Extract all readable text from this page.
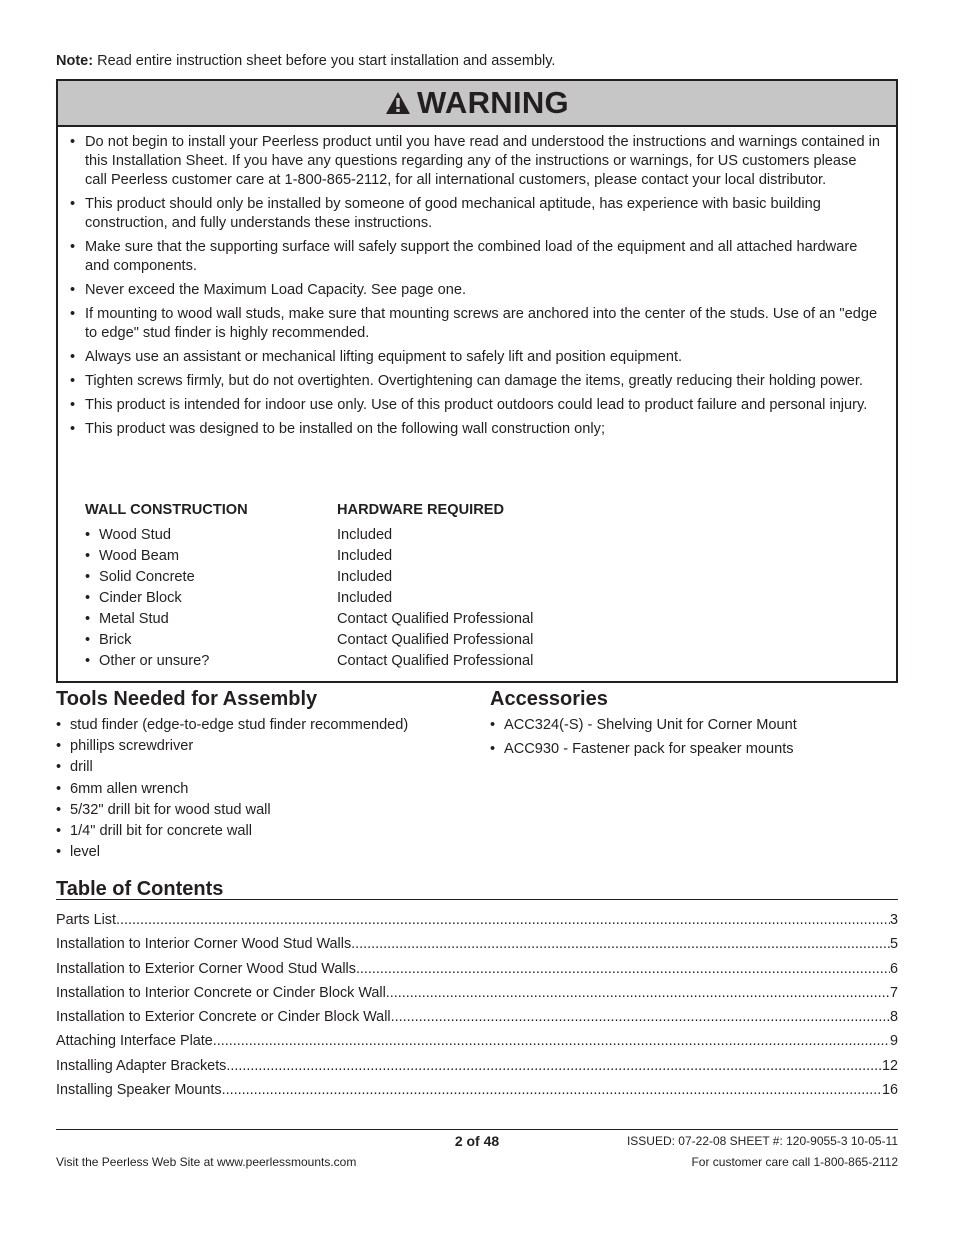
Note: Read entire instruction sheet before you start installation and assembly.
WARNING
• Do not begin to install your Peerless product until you have read and understood the instructions and warnings contained in this Installation Sheet. If you have any questions regarding any of the instructions or warnings, for US customers please call Peerless customer care at 1-800-865-2112, for all international customers, please contact your local distributor.
• This product should only be installed by someone of good mechanical aptitude, has experience with basic building construction, and fully understands these instructions.
• Make sure that the supporting surface will safely support the combined load of the equipment and all attached hardware and components.
• Never exceed the Maximum Load Capacity. See page one.
• If mounting to wood wall studs, make sure that mounting screws are anchored into the center of the studs. Use of an "edge to edge" stud finder is highly recommended.
• Always use an assistant or mechanical lifting equipment to safely lift and position equipment.
• Tighten screws firmly, but do not overtighten. Overtightening can damage the items, greatly reducing their holding power.
• This product is intended for indoor use only. Use of this product outdoors could lead to product failure and personal injury.
• This product was designed to be installed on the following wall construction only;
WALL CONSTRUCTION	HARDWARE REQUIRED
• Wood Stud	Included
• Wood Beam	Included
• Solid Concrete	Included
• Cinder Block	Included
• Metal Stud	Contact Qualified Professional
• Brick	Contact Qualified Professional
• Other or unsure?	Contact Qualified Professional
Tools Needed for Assembly
• stud finder (edge-to-edge stud finder recommended)
• phillips screwdriver
• drill
• 6mm allen wrench
• 5/32" drill bit for wood stud wall
• 1/4" drill bit for concrete wall
• level
Accessories
• ACC324(-S) - Shelving Unit for Corner Mount
• ACC930 - Fastener pack for speaker mounts
Table of Contents
Parts List .....	3
Installation to Interior Corner Wood Stud Walls .....	5
Installation to Exterior Corner Wood Stud Walls .....	6
Installation to Interior Concrete or Cinder Block Wall .....	7
Installation to Exterior Concrete or Cinder Block Wall .....	8
Attaching Interface Plate .....	9
Installing Adapter Brackets .....	12
Installing Speaker Mounts .....	16
2 of 48	ISSUED: 07-22-08 SHEET #: 120-9055-3 10-05-11
Visit the Peerless Web Site at www.peerlessmounts.com	For customer care call 1-800-865-2112
